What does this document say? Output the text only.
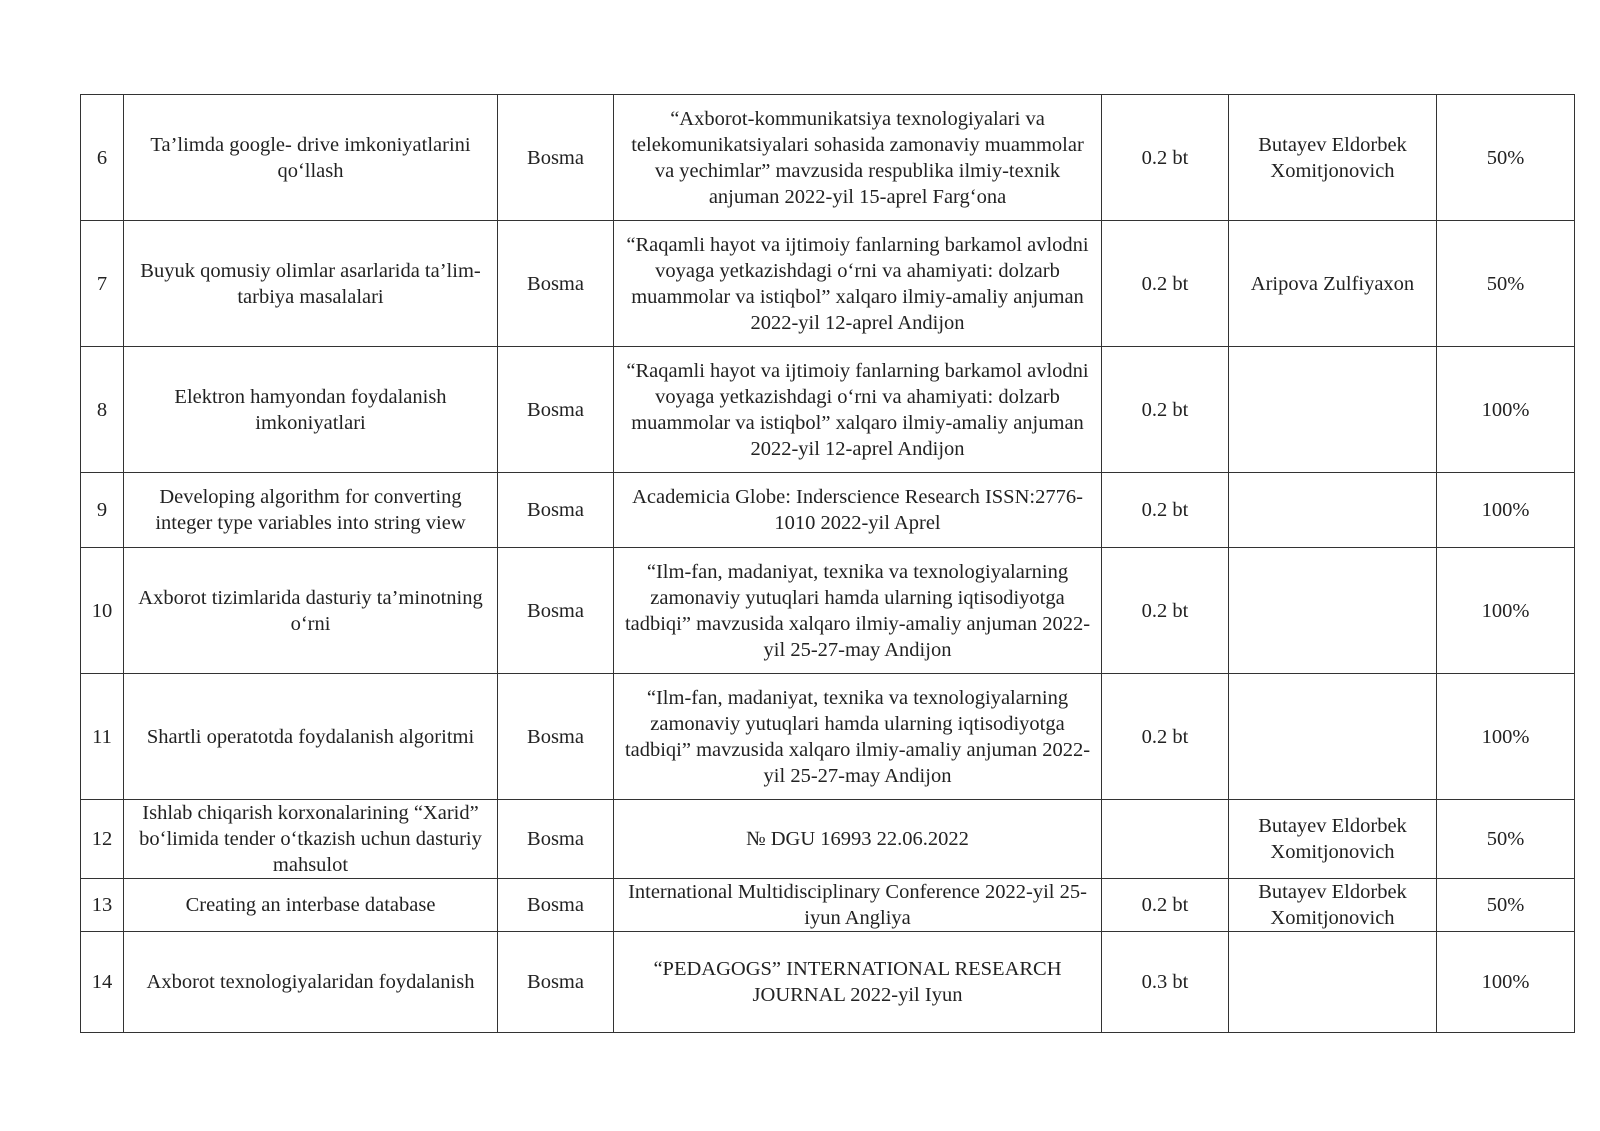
6	Ta’limda google- drive imkoniyatlarini qo‘llash	Bosma	“Axborot-kommunikatsiya texnologiyalari va telekomunikatsiyalari sohasida zamonaviy muammolar va yechimlar” mavzusida respublika ilmiy-texnik anjuman 2022-yil 15-aprel Farg‘ona	0.2 bt	Butayev Eldorbek Xomitjonovich	50%
7	Buyuk qomusiy olimlar asarlarida ta’lim-tarbiya masalalari	Bosma	“Raqamli hayot va ijtimoiy fanlarning barkamol avlodni voyaga yetkazishdagi o‘rni va ahamiyati: dolzarb muammolar va istiqbol” xalqaro ilmiy-amaliy anjuman 2022-yil 12-aprel Andijon	0.2 bt	Aripova Zulfiyaxon	50%
8	Elektron hamyondan foydalanish imkoniyatlari	Bosma	“Raqamli hayot va ijtimoiy fanlarning barkamol avlodni voyaga yetkazishdagi o‘rni va ahamiyati: dolzarb muammolar va istiqbol” xalqaro ilmiy-amaliy anjuman 2022-yil 12-aprel Andijon	0.2 bt		100%
9	Developing algorithm for converting integer type variables into string view	Bosma	Academicia Globe: Inderscience Research ISSN:2776-1010 2022-yil Aprel	0.2 bt		100%
10	Axborot tizimlarida dasturiy ta’minotning o‘rni	Bosma	“Ilm-fan, madaniyat, texnika va texnologiyalarning zamonaviy yutuqlari hamda ularning iqtisodiyotga tadbiqi” mavzusida xalqaro ilmiy-amaliy anjuman 2022-yil 25-27-may Andijon	0.2 bt		100%
11	Shartli operatotda foydalanish algoritmi	Bosma	“Ilm-fan, madaniyat, texnika va texnologiyalarning zamonaviy yutuqlari hamda ularning iqtisodiyotga tadbiqi” mavzusida xalqaro ilmiy-amaliy anjuman 2022-yil 25-27-may Andijon	0.2 bt		100%
12	Ishlab chiqarish korxonalarining “Xarid” bo‘limida tender o‘tkazish uchun dasturiy mahsulot	Bosma	№ DGU 16993 22.06.2022		Butayev Eldorbek Xomitjonovich	50%
13	Creating an interbase database	Bosma	International Multidisciplinary Conference 2022-yil 25-iyun Angliya	0.2 bt	Butayev Eldorbek Xomitjonovich	50%
14	Axborot texnologiyalaridan foydalanish	Bosma	“PEDAGOGS” INTERNATIONAL RESEARCH JOURNAL 2022-yil Iyun	0.3 bt		100%
